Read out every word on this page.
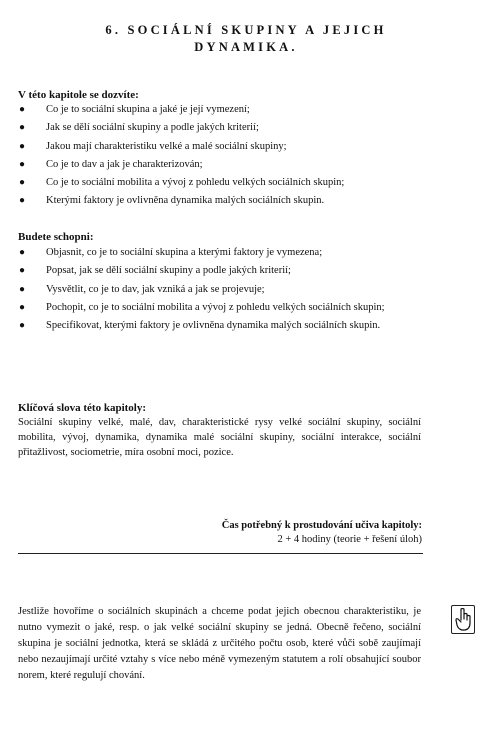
6. SOCIÁLNÍ SKUPINY A JEJICH
DYNAMIKA.

V této kapitole se dozvíte:

● Co je to sociální skupina a jaké je její vymezení;
● Jak se dělí sociální skupiny a podle jakých kriterií;
● Jakou mají charakteristiku velké a malé sociální skupiny;
● Co je to dav a jak je charakterizován;
● Co je to sociální mobilita a vývoj z pohledu velkých sociálních skupin;
● Kterými faktory je ovlivněna dynamika malých sociálních skupin.

Budete schopni:

● Objasnit, co je to sociální skupina a kterými faktory je vymezena;
● Popsat, jak se dělí sociální skupiny a podle jakých kriterií;
● Vysvětlit, co je to dav, jak vzniká a jak se projevuje;
● Pochopit, co je to sociální mobilita a vývoj z pohledu velkých sociálních skupin;
● Specifikovat, kterými faktory je ovlivněna dynamika malých sociálních skupin.

Klíčová slova této kapitoly:

Sociální skupiny velké, malé, dav, charakteristické rysy velké sociální skupiny, sociální mobilita, vývoj, dynamika, dynamika malé sociální skupiny, sociální interakce, sociální přitažlivost, sociometrie, míra osobní moci, pozice.

Čas potřebný k prostudování učiva kapitoly:
2 + 4 hodiny (teorie + řešení úloh)

Jestliže hovoříme o sociálních skupinách a chceme podat jejich obecnou charakteristiku, je nutno vymezit o jaké, resp. o jak velké sociální skupiny se jedná. Obecně řečeno, sociální skupina je sociální jednotka, která se skládá z určitého počtu osob, které vůči sobě zaujímají nebo nezaujímají určité vztahy s více nebo méně vymezeným statutem a rolí obsahující soubor norem, které regulují chování.
